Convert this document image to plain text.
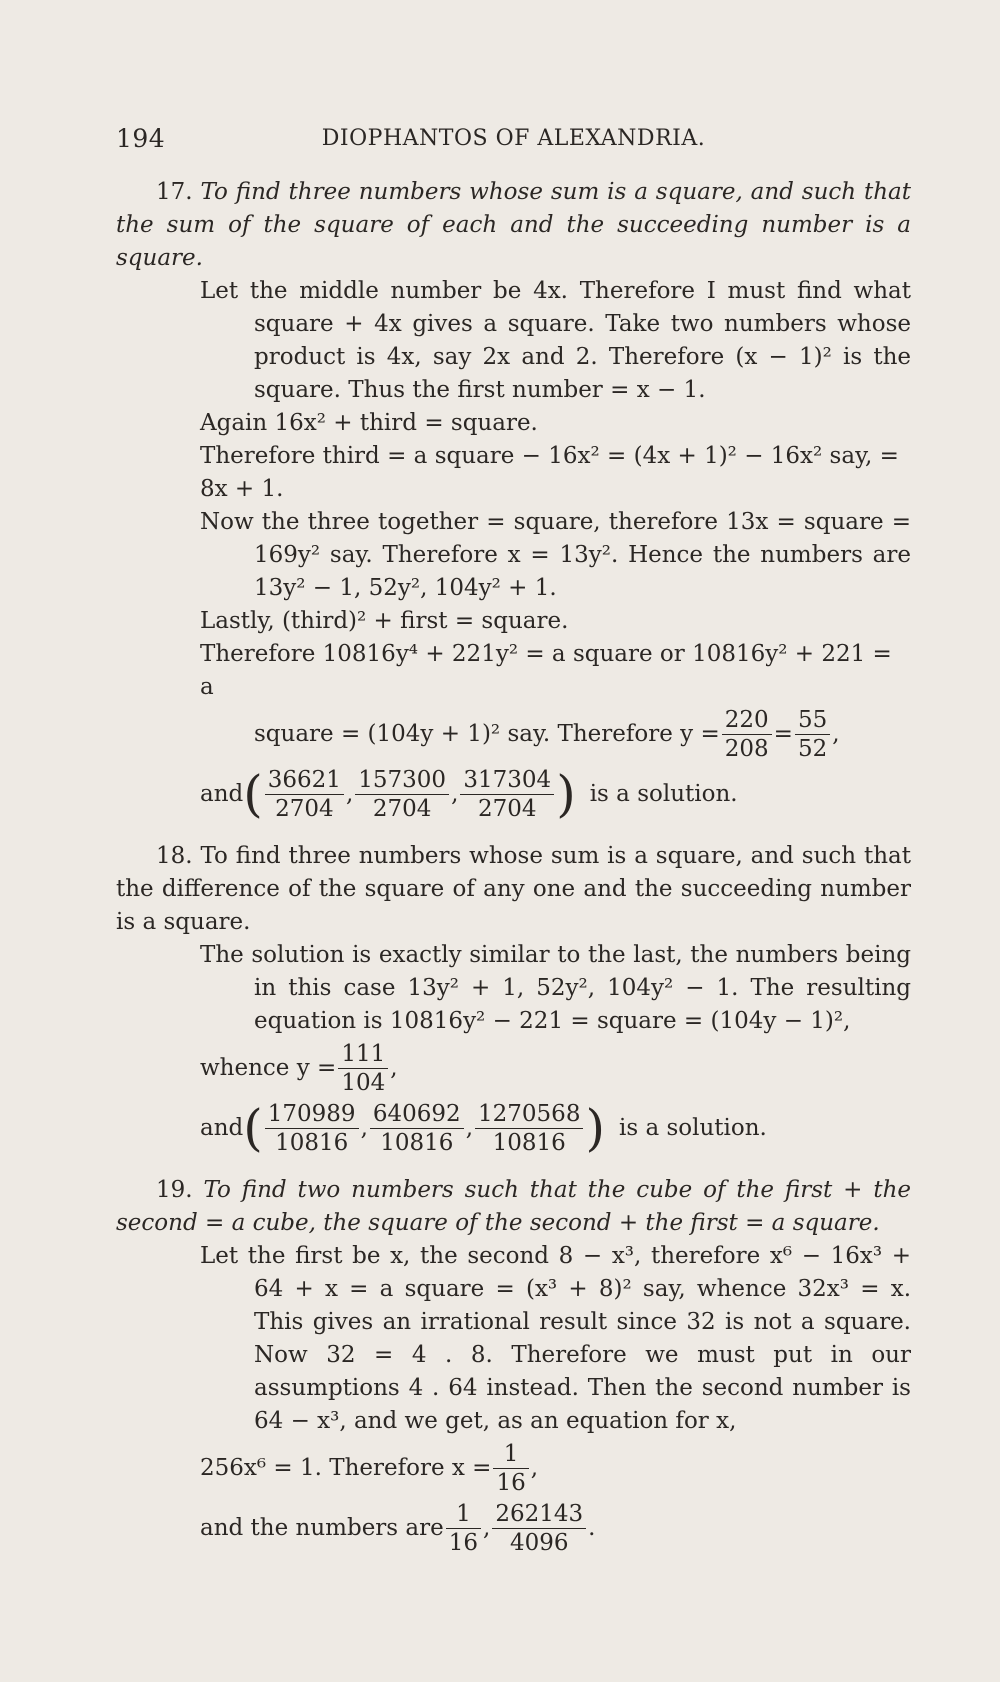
194	DIOPHANTOS OF ALEXANDRIA.

17. To find three numbers whose sum is a square, and such that the sum of the square of each and the succeeding number is a square.

Let the middle number be 4x. Therefore I must find what square + 4x gives a square. Take two numbers whose product is 4x, say 2x and 2. Therefore (x − 1)² is the square. Thus the first number = x − 1.
Again 16x² + third = square.
Therefore third = a square − 16x² = (4x + 1)² − 16x² say, = 8x + 1.
Now the three together = square, therefore 13x = square = 169y² say. Therefore x = 13y². Hence the numbers are 13y² − 1, 52y², 104y² + 1.
Lastly, (third)² + first = square.
Therefore 10816y⁴ + 221y² = a square or 10816y² + 221 = a
square = (104y + 1)² say. Therefore $y = \frac{220}{208} = \frac{55}{52}$ ,
and ( $\frac{36621}{2704}$ , $\frac{157300}{2704}$ , $\frac{317304}{2704}$ ) is a solution.

18. To find three numbers whose sum is a square, and such that the difference of the square of any one and the succeeding number is a square.

The solution is exactly similar to the last, the numbers being in this case 13y² + 1, 52y², 104y² − 1. The resulting equation is 10816y² − 221 = square = (104y − 1)²,
whence $y = \frac{111}{104}$ ,
and ( $\frac{170989}{10816}$ , $\frac{640692}{10816}$ , $\frac{1270568}{10816}$ ) is a solution.

19. To find two numbers such that the cube of the first + the second = a cube, the square of the second + the first = a square.

Let the first be x, the second 8 − x³, therefore x⁶ − 16x³ + 64 + x = a square = (x³ + 8)² say, whence 32x³ = x. This gives an irrational result since 32 is not a square. Now 32 = 4 . 8. Therefore we must put in our assumptions 4 . 64 instead. Then the second number is 64 − x³, and we get, as an equation for x,
256x⁶ = 1. Therefore $x = \frac{1}{16}$ ,
and the numbers are $\frac{1}{16}$ , $\frac{262143}{4096}$ .
